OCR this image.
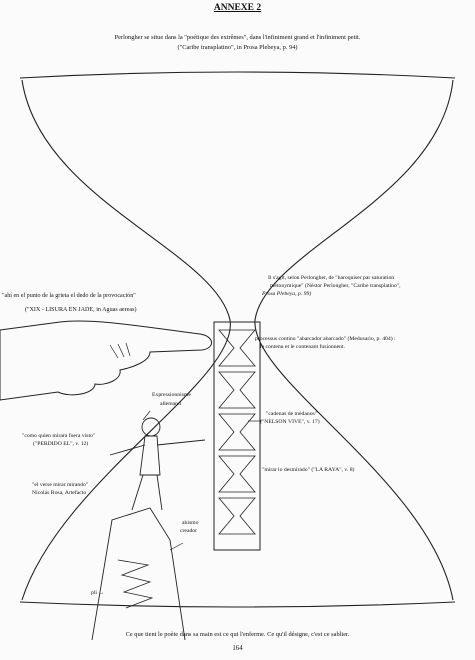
ANNEXE 2
Perlongher se situe dans la "poétique des extrêmes", dans l'infiniment grand et l'infiniment petit.
("Caribe transplatino", in Prosa Plebeya, p. 94)
"ahí en el punto de la grieta el dedo de la provocación"
("XIX - LISURA EN JADE, in Aguas aereas)
Il s'agit, selon Perlongher, de "baroquiser par saturation
métonymique" (Néstor Perlongher, "Caribe transplatino",
Prosa Plebeya, p. 99)
processus continu "abarcador abarcado" (Medusario, p. 404) :
le contenu et le contenant fusionnent.
Expressionnisme
allemand
"como quien mirara fuera visto"
("PERDIDO EL", v. 12)
"cadenas de médanos"
("NELSON VIVE", v. 17)
"mirar lo desmirado" ("LA RAYA", v. 8)
"el verse mirar mirando"
Nicolás Rosa, Artefacto
abismo
creador
pli →
Ce que tient le poète dans sa main est ce qui l'enferme. Ce qu'il désigne, c'est ce sablier.
164
